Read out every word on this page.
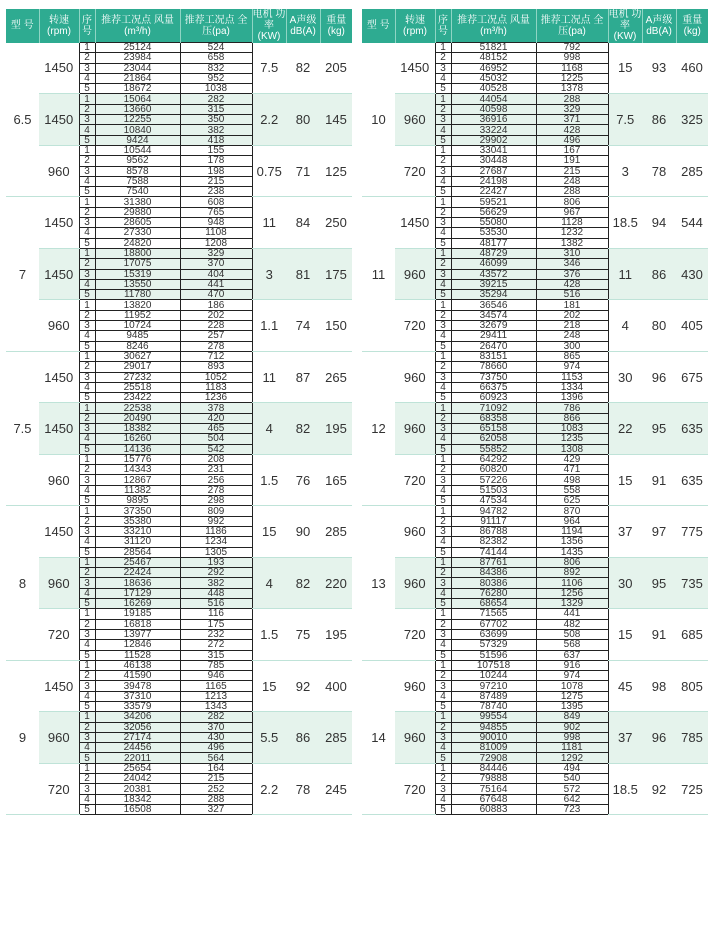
型 号	转速 (rpm)	序 号	推荐工况点 风量(m³/h)	推荐工况点 全压(pa)	电机 功率 (KW)	A声级 dB(A)	重量 (kg)
6.5	1450	1	25124	524	7.5	82	205
		2	23984	658			
		3	23044	832			
		4	21864	952			
		5	18672	1038			
	1450	1	15064	282	2.2	80	145
		2	13660	315			
		3	12255	350			
		4	10840	382			
		5	9424	418			
	960	1	10544	155	0.75	71	125
		2	9562	178			
		3	8578	198			
		4	7588	215			
		5	7540	238			
7	1450	1	31380	608	11	84	250
		2	29880	765			
		3	28605	948			
		4	27330	1108			
		5	24820	1208			
	1450	1	18800	329	3	81	175
		2	17075	370			
		3	15319	404			
		4	13550	441			
		5	11780	470			
	960	1	13820	186	1.1	74	150
		2	11952	202			
		3	10724	228			
		4	9485	257			
		5	8246	278			
7.5	1450	1	30627	712	11	87	265
		2	29017	893			
		3	27232	1052			
		4	25518	1183			
		5	23422	1236			
	1450	1	22538	378	4	82	195
		2	20490	420			
		3	18382	465			
		4	16260	504			
		5	14136	542			
	960	1	15776	208	1.5	76	165
		2	14343	231			
		3	12867	256			
		4	11382	278			
		5	9895	298			
8	1450	1	37350	809	15	90	285
		2	35380	992			
		3	33210	1186			
		4	31120	1234			
		5	28564	1305			
	960	1	25467	193	4	82	220
		2	22424	292			
		3	18636	382			
		4	17129	448			
		5	16269	516			
	720	1	19185	116	1.5	75	195
		2	16818	175			
		3	13977	232			
		4	12846	272			
		5	11528	315			
9	1450	1	46138	785	15	92	400
		2	41590	946			
		3	39478	1165			
		4	37310	1213			
		5	33579	1343			
	960	1	34206	282	5.5	86	285
		2	32056	370			
		3	27174	430			
		4	24456	496			
		5	22011	564			
	720	1	25654	164	2.2	78	245
		2	24042	215			
		3	20381	252			
		4	18342	288			
		5	16508	327			
型 号	转速 (rpm)	序 号	推荐工况点 风量(m³/h)	推荐工况点 全压(pa)	电机 功率 (KW)	A声级 dB(A)	重量 (kg)
10	1450	1	51821	792	15	93	460
		2	48152	998			
		3	46952	1168			
		4	45032	1225			
		5	40528	1378			
	960	1	44054	288	7.5	86	325
		2	40598	329			
		3	36916	371			
		4	33224	428			
		5	29902	496			
	720	1	33041	167	3	78	285
		2	30448	191			
		3	27687	215			
		4	24198	248			
		5	22427	288			
11	1450	1	59521	806	18.5	94	544
		2	56629	967			
		3	55080	1128			
		4	53530	1232			
		5	48177	1382			
	960	1	48729	310	11	86	430
		2	46099	346			
		3	43572	376			
		4	39215	428			
		5	35294	516			
	720	1	36546	181	4	80	405
		2	34574	202			
		3	32679	218			
		4	29411	248			
		5	26470	300			
12	960	1	83151	865	30	96	675
		2	78660	974			
		3	73750	1153			
		4	66375	1334			
		5	60923	1396			
	960	1	71092	786	22	95	635
		2	68358	866			
		3	65158	1083			
		4	62058	1235			
		5	55852	1308			
	720	1	64292	429	15	91	635
		2	60820	471			
		3	57226	498			
		4	51503	558			
		5	47534	625			
13	960	1	94782	870	37	97	775
		2	91117	964			
		3	86788	1194			
		4	82382	1356			
		5	74144	1435			
	960	1	87761	806	30	95	735
		2	84386	892			
		3	80386	1106			
		4	76280	1256			
		5	68654	1329			
	720	1	71565	441	15	91	685
		2	67702	482			
		3	63699	508			
		4	57329	568			
		5	51596	637			
14	960	1	107518	916	45	98	805
		2	10244	974			
		3	97210	1078			
		4	87489	1275			
		5	78740	1395			
	960	1	99554	849	37	96	785
		2	94855	902			
		3	90010	998			
		4	81009	1181			
		5	72908	1292			
	720	1	84446	494	18.5	92	725
		2	79888	540			
		3	75164	572			
		4	67648	642			
		5	60883	723			
